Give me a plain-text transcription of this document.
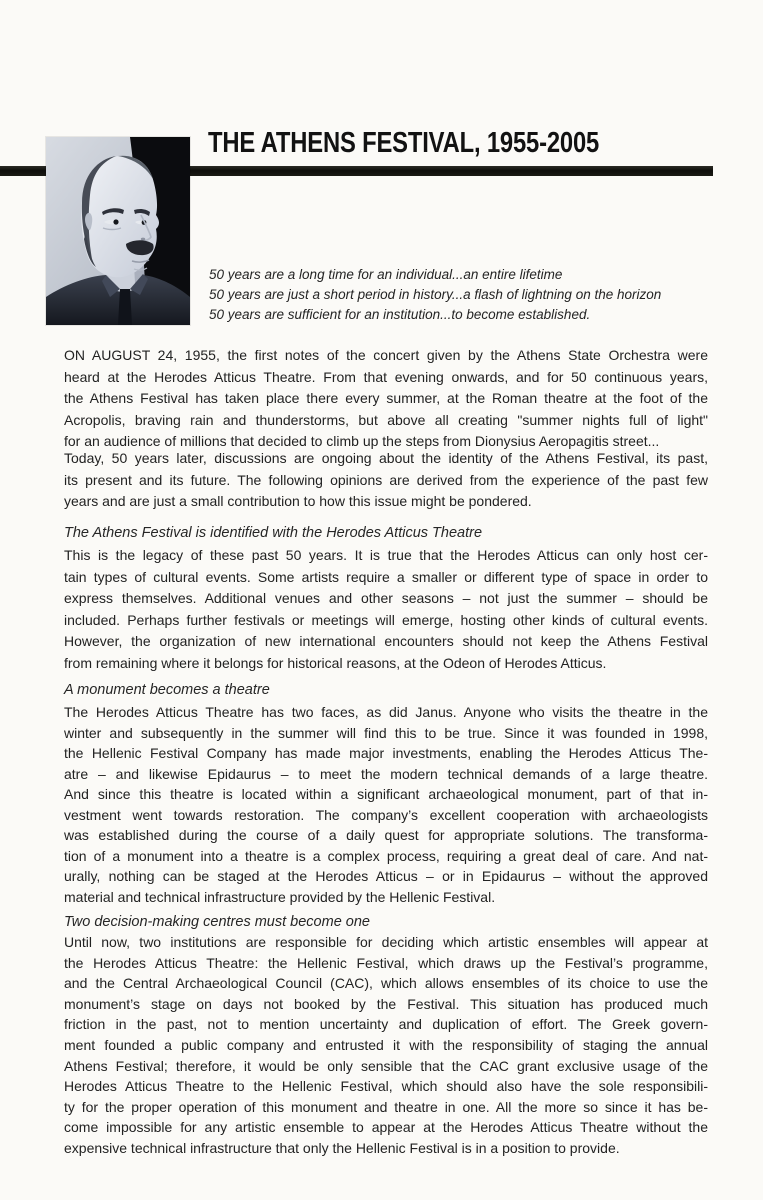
THE ATHENS FESTIVAL, 1955-2005
50 years are a long time for an individual...an entire lifetime
50 years are just a short period in history...a flash of lightning on the horizon
50 years are sufficient for an institution...to become established.
ON AUGUST 24, 1955, the first notes of the concert given by the Athens State Orchestra were
heard at the Herodes Atticus Theatre. From that evening onwards, and for 50 continuous years,
the Athens Festival has taken place there every summer, at the Roman theatre at the foot of the
Acropolis, braving rain and thunderstorms, but above all creating "summer nights full of light"
for an audience of millions that decided to climb up the steps from Dionysius Aeropagitis street...
Today, 50 years later, discussions are ongoing about the identity of the Athens Festival, its past,
its present and its future. The following opinions are derived from the experience of the past few
years and are just a small contribution to how this issue might be pondered.
The Athens Festival is identified with the Herodes Atticus Theatre
This is the legacy of these past 50 years. It is true that the Herodes Atticus can only host cer-
tain types of cultural events. Some artists require a smaller or different type of space in order to
express themselves. Additional venues and other seasons – not just the summer – should be
included. Perhaps further festivals or meetings will emerge, hosting other kinds of cultural events.
However, the organization of new international encounters should not keep the Athens Festival
from remaining where it belongs for historical reasons, at the Odeon of Herodes Atticus.
A monument becomes a theatre
The Herodes Atticus Theatre has two faces, as did Janus. Anyone who visits the theatre in the
winter and subsequently in the summer will find this to be true. Since it was founded in 1998,
the Hellenic Festival Company has made major investments, enabling the Herodes Atticus The-
atre – and likewise Epidaurus – to meet the modern technical demands of a large theatre.
And since this theatre is located within a significant archaeological monument, part of that in-
vestment went towards restoration. The company’s excellent cooperation with archaeologists
was established during the course of a daily quest for appropriate solutions. The transforma-
tion of a monument into a theatre is a complex process, requiring a great deal of care. And nat-
urally, nothing can be staged at the Herodes Atticus – or in Epidaurus – without the approved
material and technical infrastructure provided by the Hellenic Festival.
Two decision-making centres must become one
Until now, two institutions are responsible for deciding which artistic ensembles will appear at
the Herodes Atticus Theatre: the Hellenic Festival, which draws up the Festival’s programme,
and the Central Archaeological Council (CAC), which allows ensembles of its choice to use the
monument’s stage on days not booked by the Festival. This situation has produced much
friction in the past, not to mention uncertainty and duplication of effort. The Greek govern-
ment founded a public company and entrusted it with the responsibility of staging the annual
Athens Festival; therefore, it would be only sensible that the CAC grant exclusive usage of the
Herodes Atticus Theatre to the Hellenic Festival, which should also have the sole responsibili-
ty for the proper operation of this monument and theatre in one. All the more so since it has be-
come impossible for any artistic ensemble to appear at the Herodes Atticus Theatre without the
expensive technical infrastructure that only the Hellenic Festival is in a position to provide.
